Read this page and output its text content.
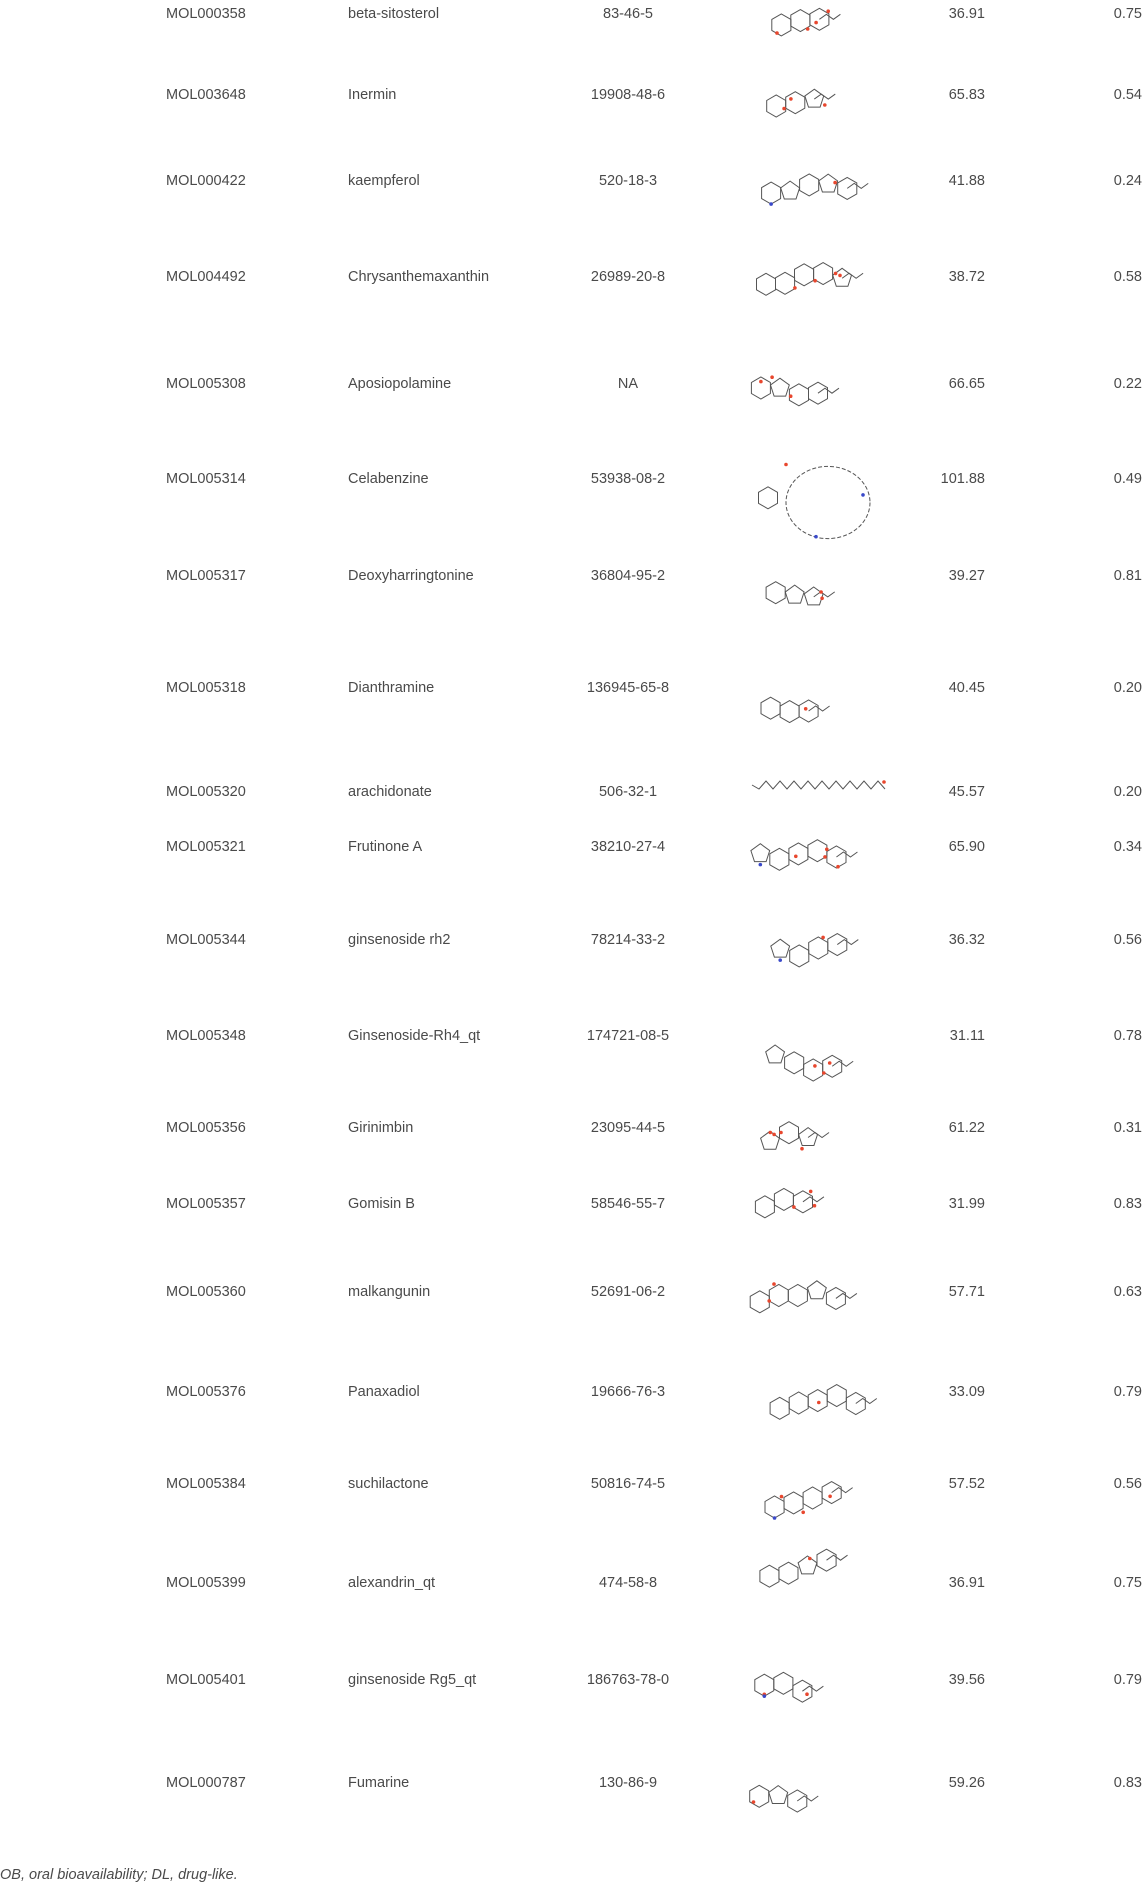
MOL000358	beta-sitosterol	83-46-5	36.91	0.75
MOL003648	Inermin	19908-48-6	65.83	0.54
MOL000422	kaempferol	520-18-3	41.88	0.24
MOL004492	Chrysanthemaxanthin	26989-20-8	38.72	0.58
MOL005308	Aposiopolamine	NA	66.65	0.22
MOL005314	Celabenzine	53938-08-2	101.88	0.49
MOL005317	Deoxyharringtonine	36804-95-2	39.27	0.81
MOL005318	Dianthramine	136945-65-8	40.45	0.20
MOL005320	arachidonate	506-32-1	45.57	0.20
MOL005321	Frutinone A	38210-27-4	65.90	0.34
MOL005344	ginsenoside rh2	78214-33-2	36.32	0.56
MOL005348	Ginsenoside-Rh4_qt	174721-08-5	31.11	0.78
MOL005356	Girinimbin	23095-44-5	61.22	0.31
MOL005357	Gomisin B	58546-55-7	31.99	0.83
MOL005360	malkangunin	52691-06-2	57.71	0.63
MOL005376	Panaxadiol	19666-76-3	33.09	0.79
MOL005384	suchilactone	50816-74-5	57.52	0.56
MOL005399	alexandrin_qt	474-58-8	36.91	0.75
MOL005401	ginsenoside Rg5_qt	186763-78-0	39.56	0.79
MOL000787	Fumarine	130-86-9	59.26	0.83
OB, oral bioavailability; DL, drug-like.
